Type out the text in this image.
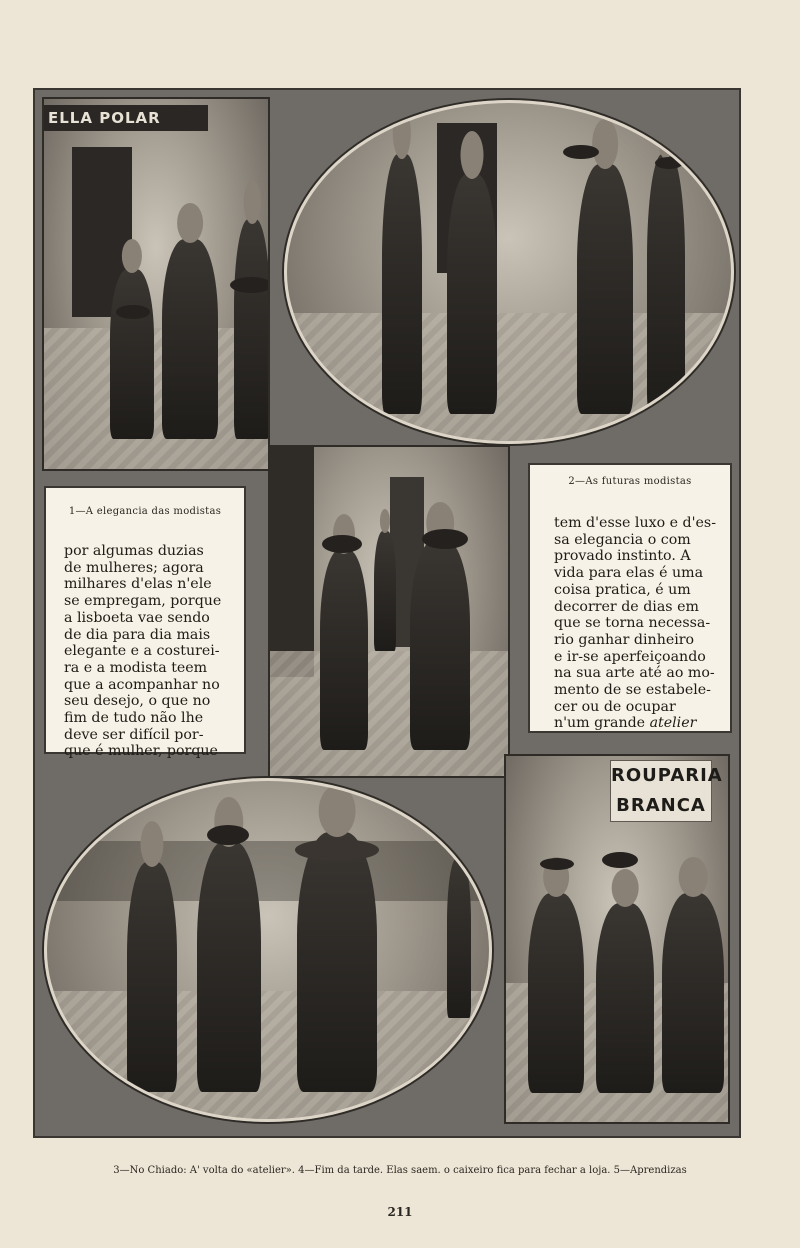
ELLA POLAR
1—A elegancia das modistas
por algumas duzias
de mulheres; agora
milhares d'elas n'ele
se empregam, porque
a lisboeta vae sendo
de dia para dia mais
elegante e a costurei-
ra e a modista teem
que a acompanhar no
seu desejo, o que no
fim de tudo não lhe
deve ser difícil por-
que é mulher, porque
2—As futuras modistas
tem d'esse luxo e d'es-
sa elegancia o com
provado instinto. A
vida para elas é uma
coisa pratica, é um
decorrer de dias em
que se torna necessa-
rio ganhar dinheiro
e ir-se aperfeiçoando
na sua arte até ao mo-
mento de se estabele-
cer ou de ocupar
n'um grande atelier
ROUPARIA
BRANCA
3—No Chiado: A' volta do «atelier». 4—Fim da tarde. Elas saem. o caixeiro fica para fechar a loja. 5—Aprendizas
211
